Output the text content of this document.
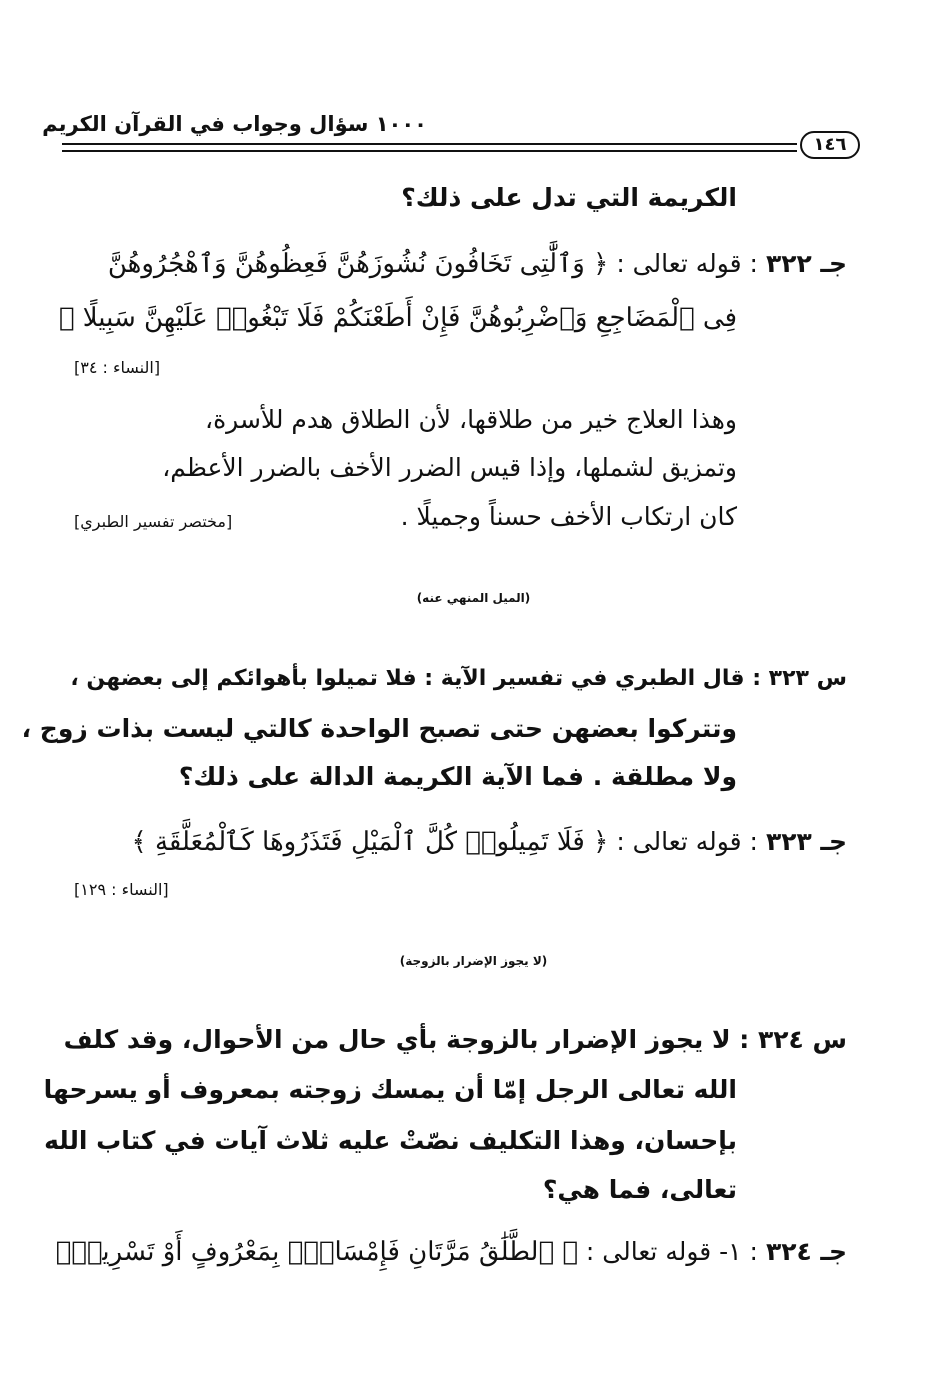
١٠٠٠ سؤال وجواب في القرآن الكريم
١٤٦
الكريمة التي تدل على ذلك؟
جـ ٣٢٢ : قوله تعالى : ﴿ وَٱلَّٰتِى تَخَافُونَ نُشُوزَهُنَّ فَعِظُوهُنَّ وَٱهْجُرُوهُنَّ
فِى ٱلْمَضَاجِعِ وَٱضْرِبُوهُنَّ فَإِنْ أَطَعْنَكُمْ فَلَا تَبْغُوا۟ عَلَيْهِنَّ سَبِيلًا ﴾
[النساء : ٣٤]
وهذا العلاج خير من طلاقها، لأن الطلاق هدم للأسرة،
وتمزيق لشملها، وإذا قيس الضرر الأخف بالضرر الأعظم،
كان ارتكاب الأخف حسناً وجميلًا .
[مختصر تفسير الطبري]
(الميل المنهي عنه)
س ٣٢٣ : قال الطبري في تفسير الآية : فلا تميلوا بأهوائكم إلى بعضهن ،
وتتركوا بعضهن حتى تصبح الواحدة كالتي ليست بذات زوج ،
ولا مطلقة . فما الآية الكريمة الدالة على ذلك؟
جـ ٣٢٣ : قوله تعالى : ﴿ فَلَا تَمِيلُوا۟ كُلَّ ٱلْمَيْلِ فَتَذَرُوهَا كَٱلْمُعَلَّقَةِ ﴾
[النساء : ١٢٩]
(لا يجوز الإضرار بالزوجة)
س ٣٢٤ : لا يجوز الإضرار بالزوجة بأي حال من الأحوال، وقد كلف
الله تعالى الرجل إمّا أن يمسك زوجته بمعروف أو يسرحها
بإحسان، وهذا التكليف نصّتْ عليه ثلاث آيات في كتاب الله
تعالى، فما هي؟
جـ ٣٢٤ : ١- قوله تعالى : ﴿ ٱلطَّلَٰقُ مَرَّتَانِ فَإِمْسَاكٌۢ بِمَعْرُوفٍ أَوْ تَسْرِيحٌۢ
